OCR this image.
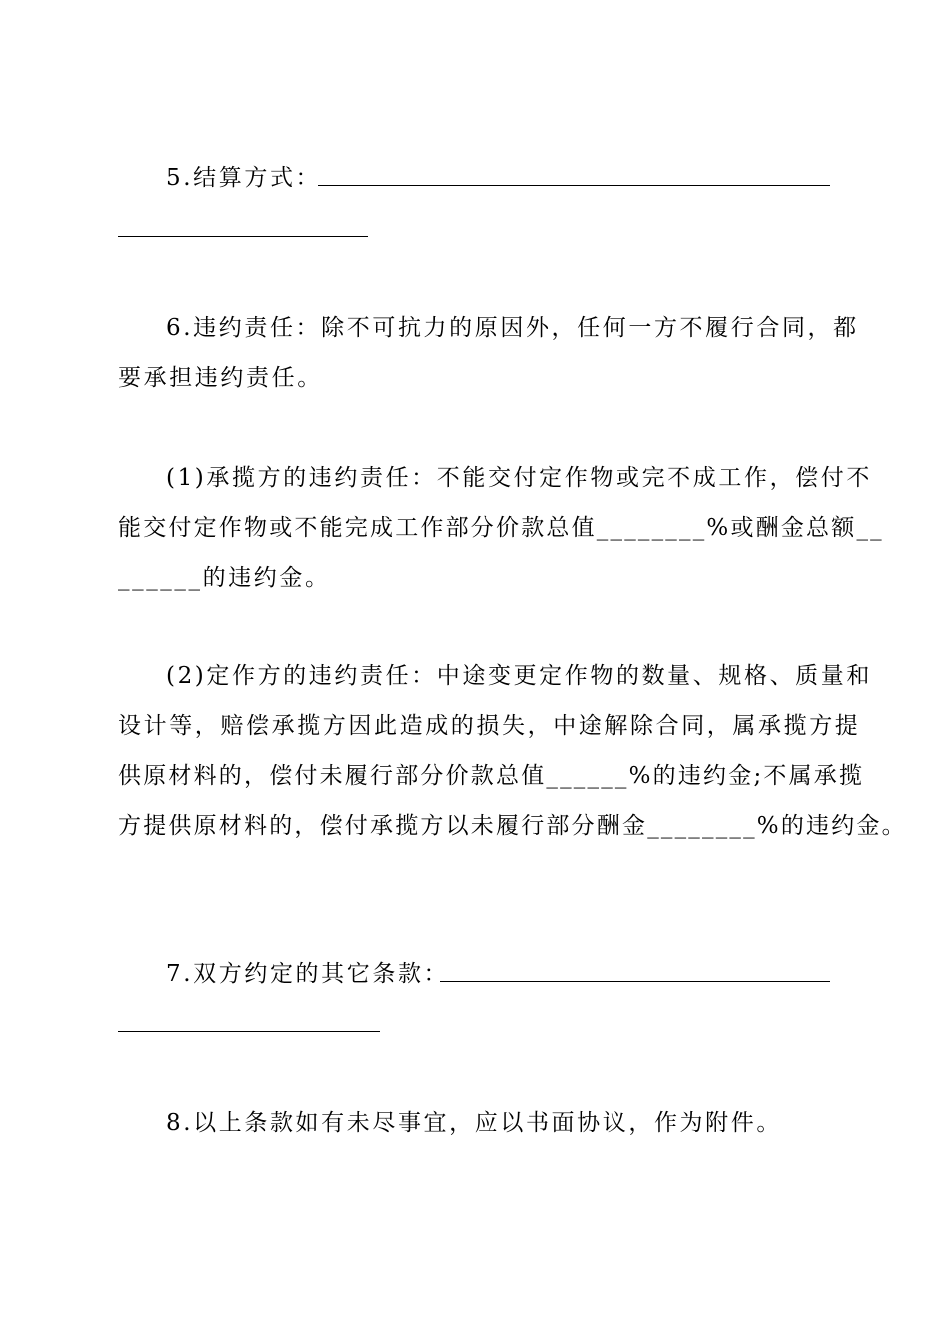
5.结算方式：
6.违约责任：除不可抗力的原因外，任何一方不履行合同，都
要承担违约责任。
(1)承揽方的违约责任：不能交付定作物或完不成工作，偿付不
能交付定作物或不能完成工作部分价款总值________%或酬金总额__
______的违约金。
(2)定作方的违约责任：中途变更定作物的数量、规格、质量和
设计等，赔偿承揽方因此造成的损失，中途解除合同，属承揽方提
供原材料的，偿付未履行部分价款总值______%的违约金;不属承揽
方提供原材料的，偿付承揽方以未履行部分酬金________%的违约金。
7.双方约定的其它条款：
8.以上条款如有未尽事宜，应以书面协议，作为附件。
